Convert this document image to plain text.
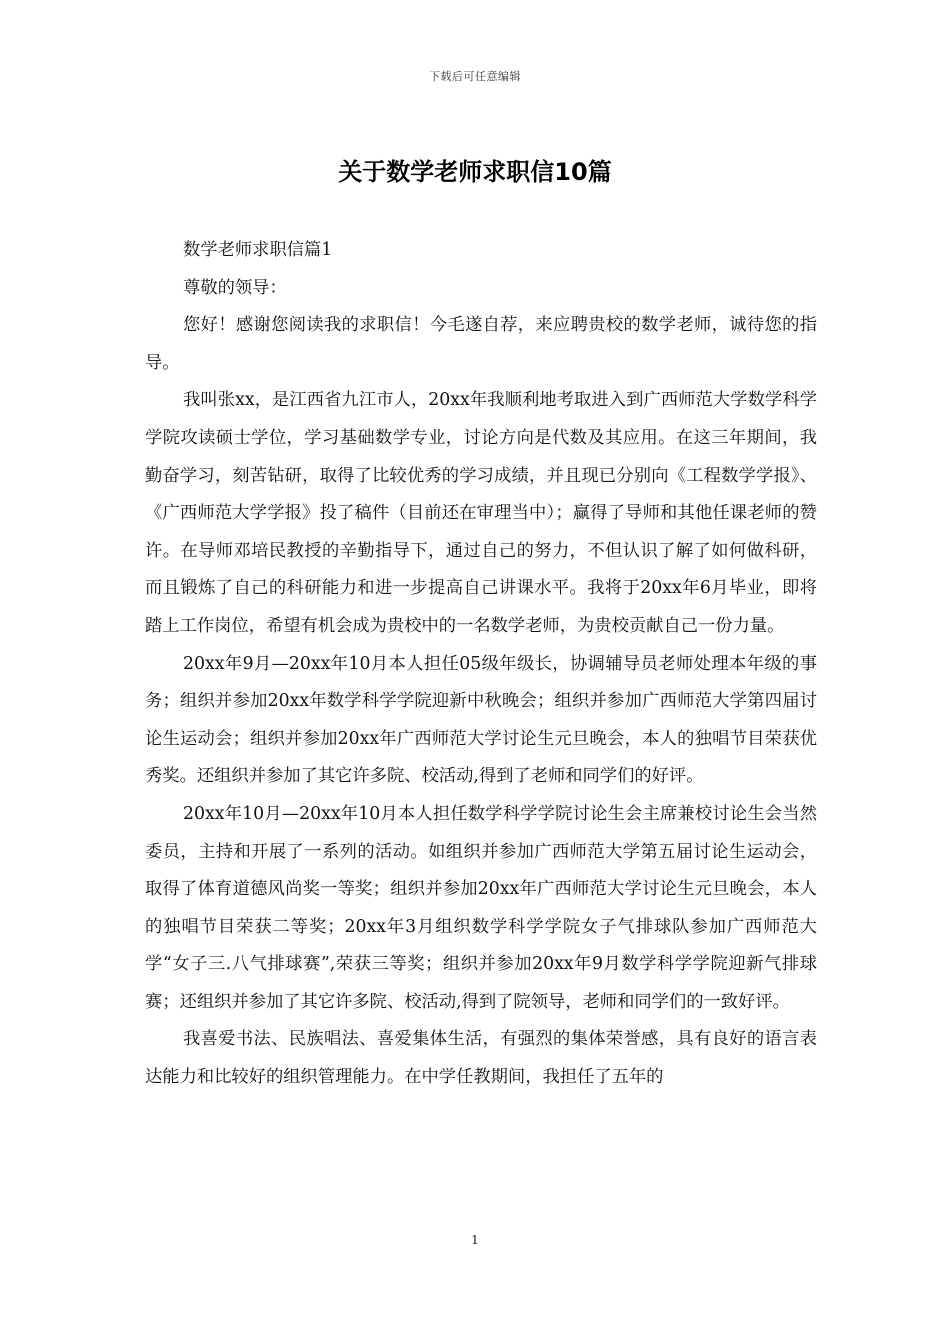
下载后可任意编辑
关于数学老师求职信10篇

数学老师求职信篇1

尊敬的领导：

您好！感谢您阅读我的求职信！今毛遂自荐，来应聘贵校的数学老师，诚待您的指导。

我叫张xx，是江西省九江市人，20xx年我顺利地考取进入到广西师范大学数学科学学院攻读硕士学位，学习基础数学专业，讨论方向是代数及其应用。在这三年期间，我勤奋学习，刻苦钻研，取得了比较优秀的学习成绩，并且现已分别向《工程数学学报》、《广西师范大学学报》投了稿件（目前还在审理当中）；赢得了导师和其他任课老师的赞许。在导师邓培民教授的辛勤指导下，通过自己的努力，不但认识了解了如何做科研，而且锻炼了自己的科研能力和进一步提高自己讲课水平。我将于20xx年6月毕业，即将踏上工作岗位，希望有机会成为贵校中的一名数学老师，为贵校贡献自己一份力量。

20xx年9月—20xx年10月本人担任05级年级长，协调辅导员老师处理本年级的事务；组织并参加20xx年数学科学学院迎新中秋晚会；组织并参加广西师范大学第四届讨论生运动会；组织并参加20xx年广西师范大学讨论生元旦晚会，本人的独唱节目荣获优秀奖。还组织并参加了其它许多院、校活动,得到了老师和同学们的好评。

20xx年10月—20xx年10月本人担任数学科学学院讨论生会主席兼校讨论生会当然委员，主持和开展了一系列的活动。如组织并参加广西师范大学第五届讨论生运动会，取得了体育道德风尚奖一等奖；组织并参加20xx年广西师范大学讨论生元旦晚会，本人的独唱节目荣获二等奖；20xx年3月组织数学科学学院女子气排球队参加广西师范大学“女子三.八气排球赛”,荣获三等奖；组织并参加20xx年9月数学科学学院迎新气排球赛；还组织并参加了其它许多院、校活动,得到了院领导，老师和同学们的一致好评。

我喜爱书法、民族唱法、喜爱集体生活，有强烈的集体荣誉感，具有良好的语言表达能力和比较好的组织管理能力。在中学任教期间，我担任了五年的

1
